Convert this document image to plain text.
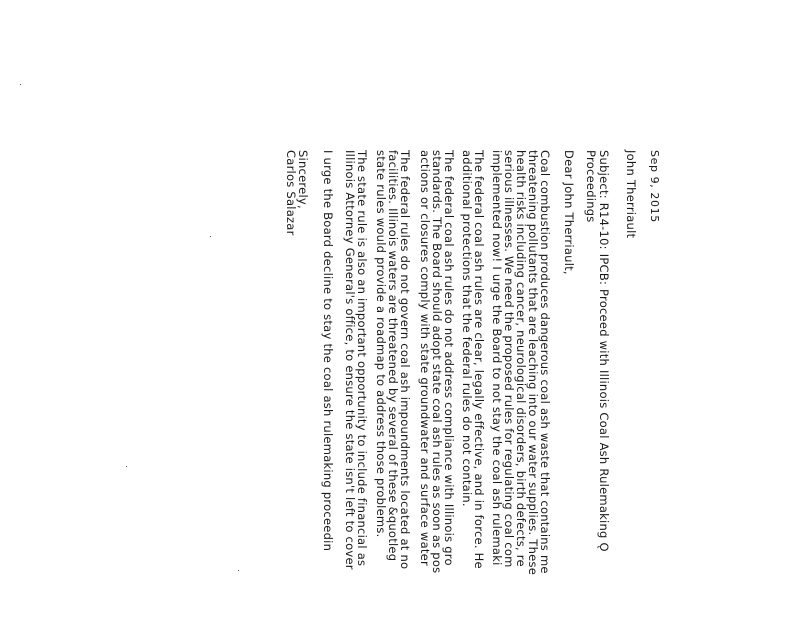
Sep 9, 2015
John Therriault
Subject: R14-10: IPCB: Proceed with Illinois Coal Ash Rulemaking Ǫ
Proceedings
Dear John Therriault,
Coal combustion produces dangerous coal ash waste that contains me
threatening pollutants that are leaching into our water supplies. These
health risks including cancer, neurological disorders, birth defects, re
serious illnesses. We need the proposed rules for regulating coal com
implemented now! I urge the Board to not stay the coal ash rulemaki
The federal coal ash rules are clear, legally effective, and in force. He
additional protections that the federal rules do not contain.
The federal coal ash rules do not address compliance with Illinois gro
standards. The Board should adopt state coal ash rules as soon as pos
actions or closures comply with state groundwater and surface water
The federal rules do not govern coal ash impoundments located at no
facilities. Illinois waters are threatened by several of these &quotleg
state rules would provide a roadmap to address those problems.
The state rule is also an important opportunity to include financial as
Illinois Attorney General's office, to ensure the state isn't left to cover
I urge the Board decline to stay the coal ash rulemaking proceedin
Sincerely,
Carlos Salazar
